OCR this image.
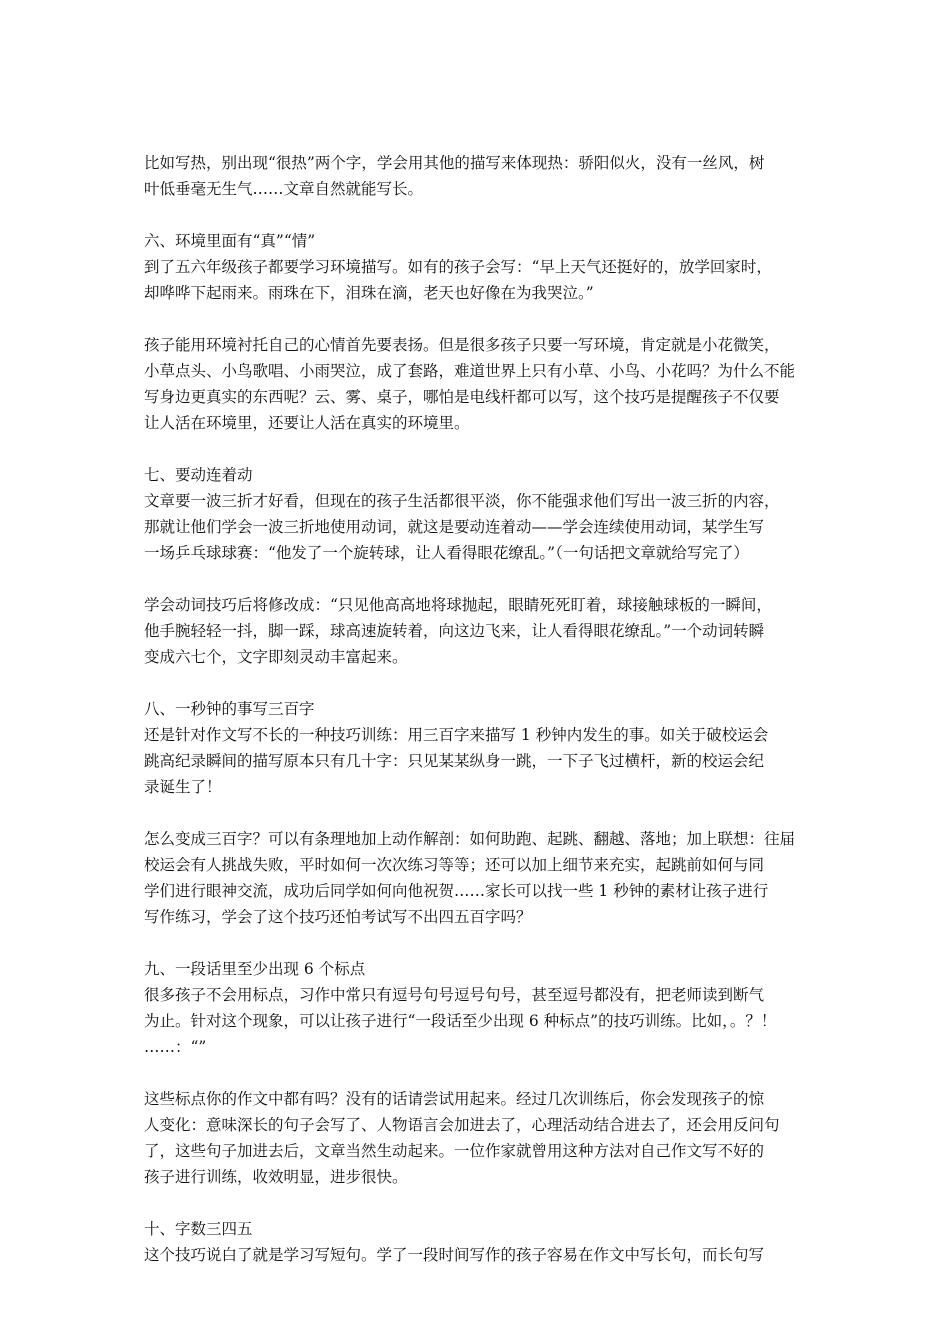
比如写热，别出现“很热”两个字，学会用其他的描写来体现热：骄阳似火，没有一丝风，树
叶低垂毫无生气……文章自然就能写长。
六、环境里面有“真”“情”
到了五六年级孩子都要学习环境描写。如有的孩子会写：“早上天气还挺好的，放学回家时，
却哗哗下起雨来。雨珠在下，泪珠在滴，老天也好像在为我哭泣。”
孩子能用环境衬托自己的心情首先要表扬。但是很多孩子只要一写环境，肯定就是小花微笑，
小草点头、小鸟歌唱、小雨哭泣，成了套路，难道世界上只有小草、小鸟、小花吗？为什么不能
写身边更真实的东西呢？云、雾、桌子，哪怕是电线杆都可以写，这个技巧是提醒孩子不仅要
让人活在环境里，还要让人活在真实的环境里。
七、要动连着动
文章要一波三折才好看，但现在的孩子生活都很平淡，你不能强求他们写出一波三折的内容，
那就让他们学会一波三折地使用动词，就这是要动连着动——学会连续使用动词，某学生写
一场乒乓球球赛：“他发了一个旋转球，让人看得眼花缭乱。”（一句话把文章就给写完了）
学会动词技巧后将修改成：“只见他高高地将球抛起，眼睛死死盯着，球接触球板的一瞬间，
他手腕轻轻一抖，脚一踩，球高速旋转着，向这边飞来，让人看得眼花缭乱。”一个动词转瞬
变成六七个，文字即刻灵动丰富起来。
八、一秒钟的事写三百字
还是针对作文写不长的一种技巧训练：用三百字来描写 1 秒钟内发生的事。如关于破校运会
跳高纪录瞬间的描写原本只有几十字：只见某某纵身一跳，一下子飞过横杆，新的校运会纪
录诞生了！
怎么变成三百字？可以有条理地加上动作解剖：如何助跑、起跳、翻越、落地；加上联想：往届
校运会有人挑战失败，平时如何一次次练习等等；还可以加上细节来充实，起跳前如何与同
学们进行眼神交流，成功后同学如何向他祝贺……家长可以找一些 1 秒钟的素材让孩子进行
写作练习，学会了这个技巧还怕考试写不出四五百字吗？
九、一段话里至少出现 6 个标点
很多孩子不会用标点，习作中常只有逗号句号逗号句号，甚至逗号都没有，把老师读到断气
为止。针对这个现象，可以让孩子进行“一段话至少出现 6 种标点”的技巧训练。比如，。？！
……：“”
这些标点你的作文中都有吗？没有的话请尝试用起来。经过几次训练后，你会发现孩子的惊
人变化：意味深长的句子会写了、人物语言会加进去了，心理活动结合进去了，还会用反问句
了，这些句子加进去后，文章当然生动起来。一位作家就曾用这种方法对自己作文写不好的
孩子进行训练，收效明显，进步很快。
十、字数三四五
这个技巧说白了就是学习写短句。学了一段时间写作的孩子容易在作文中写长句，而长句写
